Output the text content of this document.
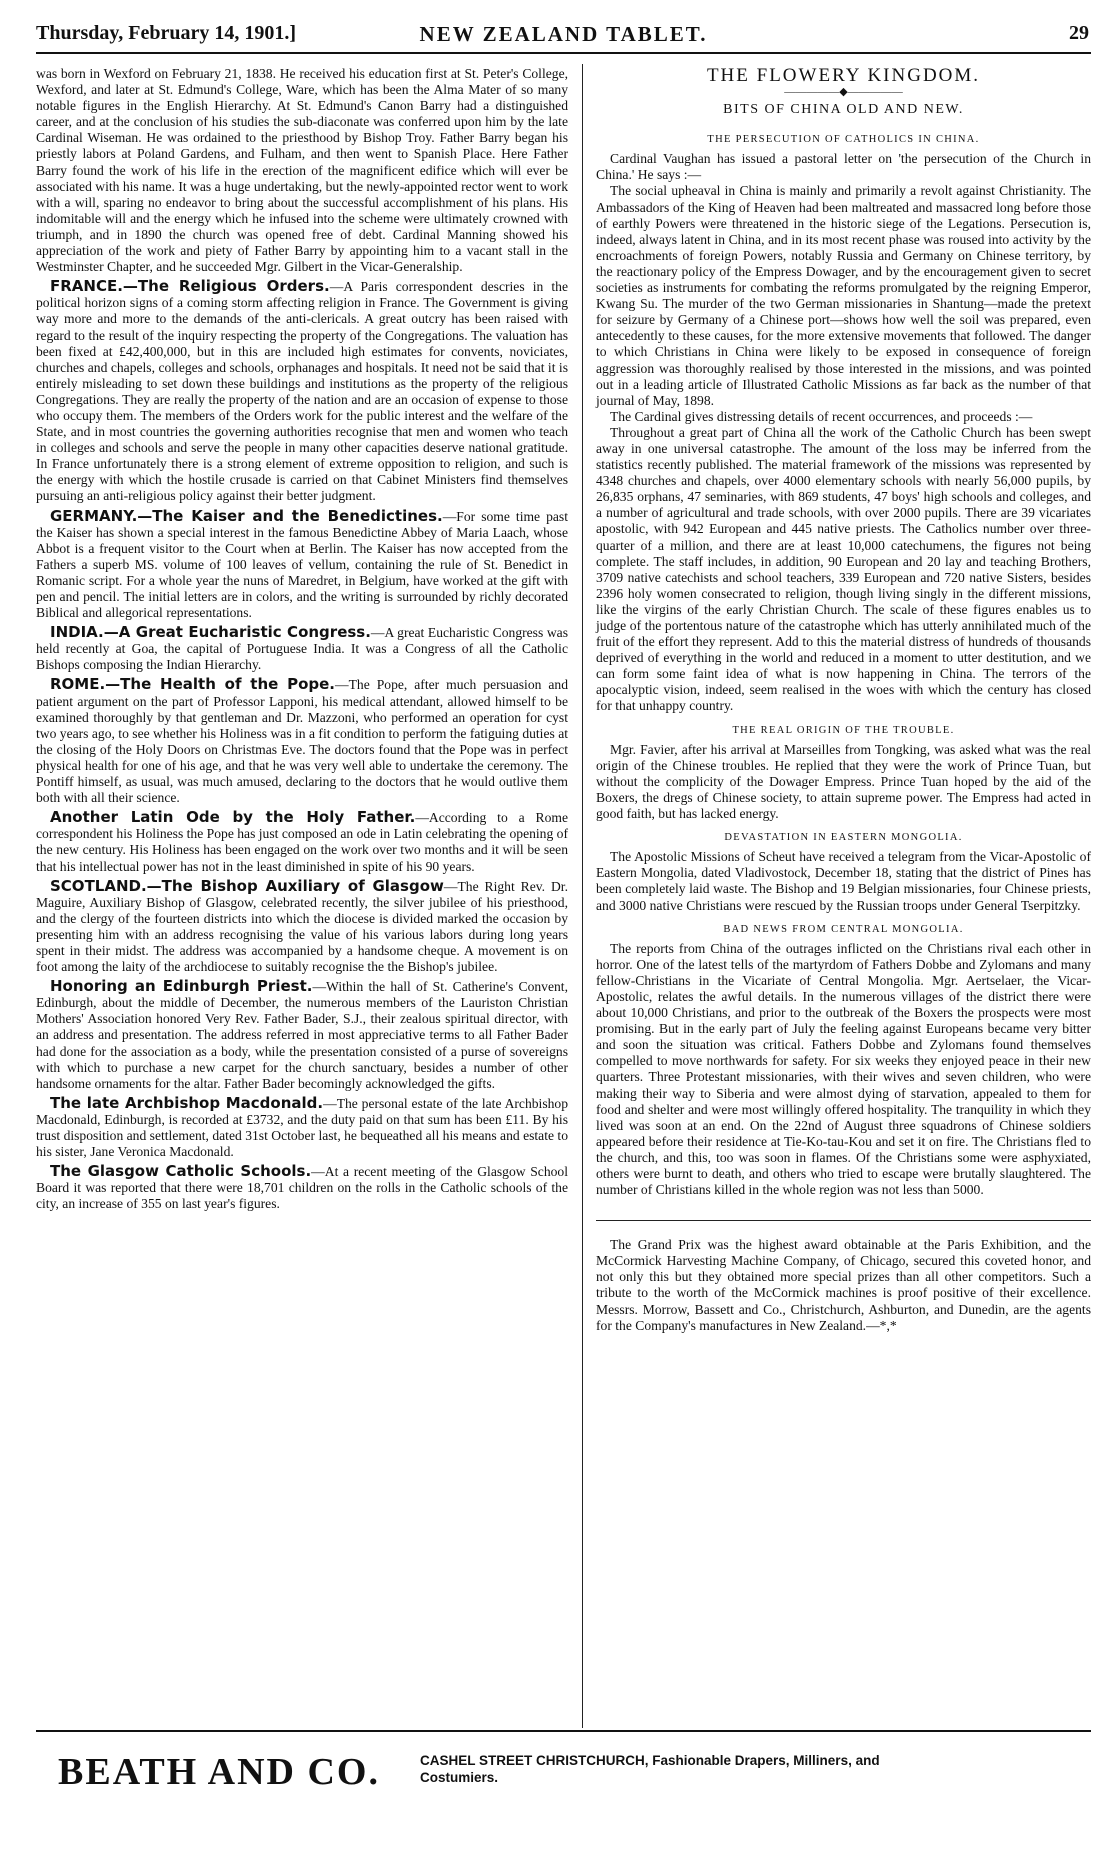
Thursday, February 14, 1901.]	NEW ZEALAND TABLET.	29

was born in Wexford on February 21, 1838. He received his education first at St. Peter's College, Wexford, and later at St. Edmund's College, Ware, which has been the Alma Mater of so many notable figures in the English Hierarchy. At St. Edmund's Canon Barry had a distinguished career, and at the conclusion of his studies the sub-diaconate was conferred upon him by the late Cardinal Wiseman. He was ordained to the priesthood by Bishop Troy. Father Barry began his priestly labors at Poland Gardens, and Fulham, and then went to Spanish Place. Here Father Barry found the work of his life in the erection of the magnificent edifice which will ever be associated with his name. It was a huge undertaking, but the newly-appointed rector went to work with a will, sparing no endeavor to bring about the successful accomplishment of his plans. His indomitable will and the energy which he infused into the scheme were ultimately crowned with triumph, and in 1890 the church was opened free of debt. Cardinal Manning showed his appreciation of the work and piety of Father Barry by appointing him to a vacant stall in the Westminster Chapter, and he succeeded Mgr. Gilbert in the Vicar-Generalship.

FRANCE.—The Religious Orders.—A Paris correspondent descries in the political horizon signs of a coming storm affecting religion in France. The Government is giving way more and more to the demands of the anti-clericals. A great outcry has been raised with regard to the result of the inquiry respecting the property of the Congregations. The valuation has been fixed at £42,400,000, but in this are included high estimates for convents, noviciates, churches and chapels, colleges and schools, orphanages and hospitals. It need not be said that it is entirely misleading to set down these buildings and institutions as the property of the religious Congregations. They are really the property of the nation and are an occasion of expense to those who occupy them. The members of the Orders work for the public interest and the welfare of the State, and in most countries the governing authorities recognise that men and women who teach in colleges and schools and serve the people in many other capacities deserve national gratitude. In France unfortunately there is a strong element of extreme opposition to religion, and such is the energy with which the hostile crusade is carried on that Cabinet Ministers find themselves pursuing an anti-religious policy against their better judgment.
GERMANY.—The Kaiser and the Benedictines.—For some time past the Kaiser has shown a special interest in the famous Benedictine Abbey of Maria Laach, whose Abbot is a frequent visitor to the Court when at Berlin. The Kaiser has now accepted from the Fathers a superb MS. volume of 100 leaves of vellum, containing the rule of St. Benedict in Romanic script. For a whole year the nuns of Maredret, in Belgium, have worked at the gift with pen and pencil. The initial letters are in colors, and the writing is surrounded by richly decorated Biblical and allegorical representations.
INDIA.—A Great Eucharistic Congress.—A great Eucharistic Congress was held recently at Goa, the capital of Portuguese India. It was a Congress of all the Catholic Bishops composing the Indian Hierarchy.
ROME.—The Health of the Pope.—The Pope, after much persuasion and patient argument on the part of Professor Lapponi, his medical attendant, allowed himself to be examined thoroughly by that gentleman and Dr. Mazzoni, who performed an operation for cyst two years ago, to see whether his Holiness was in a fit condition to perform the fatiguing duties at the closing of the Holy Doors on Christmas Eve. The doctors found that the Pope was in perfect physical health for one of his age, and that he was very well able to undertake the ceremony. The Pontiff himself, as usual, was much amused, declaring to the doctors that he would outlive them both with all their science.
Another Latin Ode by the Holy Father.—According to a Rome correspondent his Holiness the Pope has just composed an ode in Latin celebrating the opening of the new century. His Holiness has been engaged on the work over two months and it will be seen that his intellectual power has not in the least diminished in spite of his 90 years.
SCOTLAND.—The Bishop Auxiliary of Glasgow—The Right Rev. Dr. Maguire, Auxiliary Bishop of Glasgow, celebrated recently, the silver jubilee of his priesthood, and the clergy of the fourteen districts into which the diocese is divided marked the occasion by presenting him with an address recognising the value of his various labors during long years spent in their midst. The address was accompanied by a handsome cheque. A movement is on foot among the laity of the archdiocese to suitably recognise the the Bishop's jubilee.
Honoring an Edinburgh Priest.—Within the hall of St. Catherine's Convent, Edinburgh, about the middle of December, the numerous members of the Lauriston Christian Mothers' Association honored Very Rev. Father Bader, S.J., their zealous spiritual director, with an address and presentation. The address referred in most appreciative terms to all Father Bader had done for the association as a body, while the presentation consisted of a purse of sovereigns with which to purchase a new carpet for the church sanctuary, besides a number of other handsome ornaments for the altar. Father Bader becomingly acknowledged the gifts.
The late Archbishop Macdonald.—The personal estate of the late Archbishop Macdonald, Edinburgh, is recorded at £3732, and the duty paid on that sum has been £11. By his trust disposition and settlement, dated 31st October last, he bequeathed all his means and estate to his sister, Jane Veronica Macdonald.
The Glasgow Catholic Schools.—At a recent meeting of the Glasgow School Board it was reported that there were 18,701 children on the rolls in the Catholic schools of the city, an increase of 355 on last year's figures.
THE FLOWERY KINGDOM.
—————◆—————
BITS OF CHINA OLD AND NEW.
THE PERSECUTION OF CATHOLICS IN CHINA.

Cardinal Vaughan has issued a pastoral letter on 'the persecution of the Church in China.' He says :—

The social upheaval in China is mainly and primarily a revolt against Christianity. The Ambassadors of the King of Heaven had been maltreated and massacred long before those of earthly Powers were threatened in the historic siege of the Legations. Persecution is, indeed, always latent in China, and in its most recent phase was roused into activity by the encroachments of foreign Powers, notably Russia and Germany on Chinese territory, by the reactionary policy of the Empress Dowager, and by the encouragement given to secret societies as instruments for combating the reforms promulgated by the reigning Emperor, Kwang Su. The murder of the two German missionaries in Shantung—made the pretext for seizure by Germany of a Chinese port—shows how well the soil was prepared, even antecedently to these causes, for the more extensive movements that followed. The danger to which Christians in China were likely to be exposed in consequence of foreign aggression was thoroughly realised by those interested in the missions, and was pointed out in a leading article of Illustrated Catholic Missions as far back as the number of that journal of May, 1898.

The Cardinal gives distressing details of recent occurrences, and proceeds :—

Throughout a great part of China all the work of the Catholic Church has been swept away in one universal catastrophe. The amount of the loss may be inferred from the statistics recently published. The material framework of the missions was represented by 4348 churches and chapels, over 4000 elementary schools with nearly 56,000 pupils, by 26,835 orphans, 47 seminaries, with 869 students, 47 boys' high schools and colleges, and a number of agricultural and trade schools, with over 2000 pupils. There are 39 vicariates apostolic, with 942 European and 445 native priests. The Catholics number over three-quarter of a million, and there are at least 10,000 catechumens, the figures not being complete. The staff includes, in addition, 90 European and 20 lay and teaching Brothers, 3709 native catechists and school teachers, 339 European and 720 native Sisters, besides 2396 holy women consecrated to religion, though living singly in the different missions, like the virgins of the early Christian Church. The scale of these figures enables us to judge of the portentous nature of the catastrophe which has utterly annihilated much of the fruit of the effort they represent. Add to this the material distress of hundreds of thousands deprived of everything in the world and reduced in a moment to utter destitution, and we can form some faint idea of what is now happening in China. The terrors of the apocalyptic vision, indeed, seem realised in the woes with which the century has closed for that unhappy country.

THE REAL ORIGIN OF THE TROUBLE.

Mgr. Favier, after his arrival at Marseilles from Tongking, was asked what was the real origin of the Chinese troubles. He replied that they were the work of Prince Tuan, but without the complicity of the Dowager Empress. Prince Tuan hoped by the aid of the Boxers, the dregs of Chinese society, to attain supreme power. The Empress had acted in good faith, but has lacked energy.

DEVASTATION IN EASTERN MONGOLIA.

The Apostolic Missions of Scheut have received a telegram from the Vicar-Apostolic of Eastern Mongolia, dated Vladivostock, December 18, stating that the district of Pines has been completely laid waste. The Bishop and 19 Belgian missionaries, four Chinese priests, and 3000 native Christians were rescued by the Russian troops under General Tserpitzky.

BAD NEWS FROM CENTRAL MONGOLIA.

The reports from China of the outrages inflicted on the Christians rival each other in horror. One of the latest tells of the martyrdom of Fathers Dobbe and Zylomans and many fellow-Christians in the Vicariate of Central Mongolia. Mgr. Aertselaer, the Vicar-Apostolic, relates the awful details. In the numerous villages of the district there were about 10,000 Christians, and prior to the outbreak of the Boxers the prospects were most promising. But in the early part of July the feeling against Europeans became very bitter and soon the situation was critical. Fathers Dobbe and Zylomans found themselves compelled to move northwards for safety. For six weeks they enjoyed peace in their new quarters. Three Protestant missionaries, with their wives and seven children, who were making their way to Siberia and were almost dying of starvation, appealed to them for food and shelter and were most willingly offered hospitality. The tranquility in which they lived was soon at an end. On the 22nd of August three squadrons of Chinese soldiers appeared before their residence at Tie-Ko-tau-Kou and set it on fire. The Christians fled to the church, and this, too was soon in flames. Of the Christians some were asphyxiated, others were burnt to death, and others who tried to escape were brutally slaughtered. The number of Christians killed in the whole region was not less than 5000.

The Grand Prix was the highest award obtainable at the Paris Exhibition, and the McCormick Harvesting Machine Company, of Chicago, secured this coveted honor, and not only this but they obtained more special prizes than all other competitors. Such a tribute to the worth of the McCormick machines is proof positive of their excellence. Messrs. Morrow, Bassett and Co., Christchurch, Ashburton, and Dunedin, are the agents for the Company's manufactures in New Zealand.—*,*

BEATH AND CO.	CASHEL STREET CHRISTCHURCH, Fashionable Drapers, Milliners, and
Costumiers.
